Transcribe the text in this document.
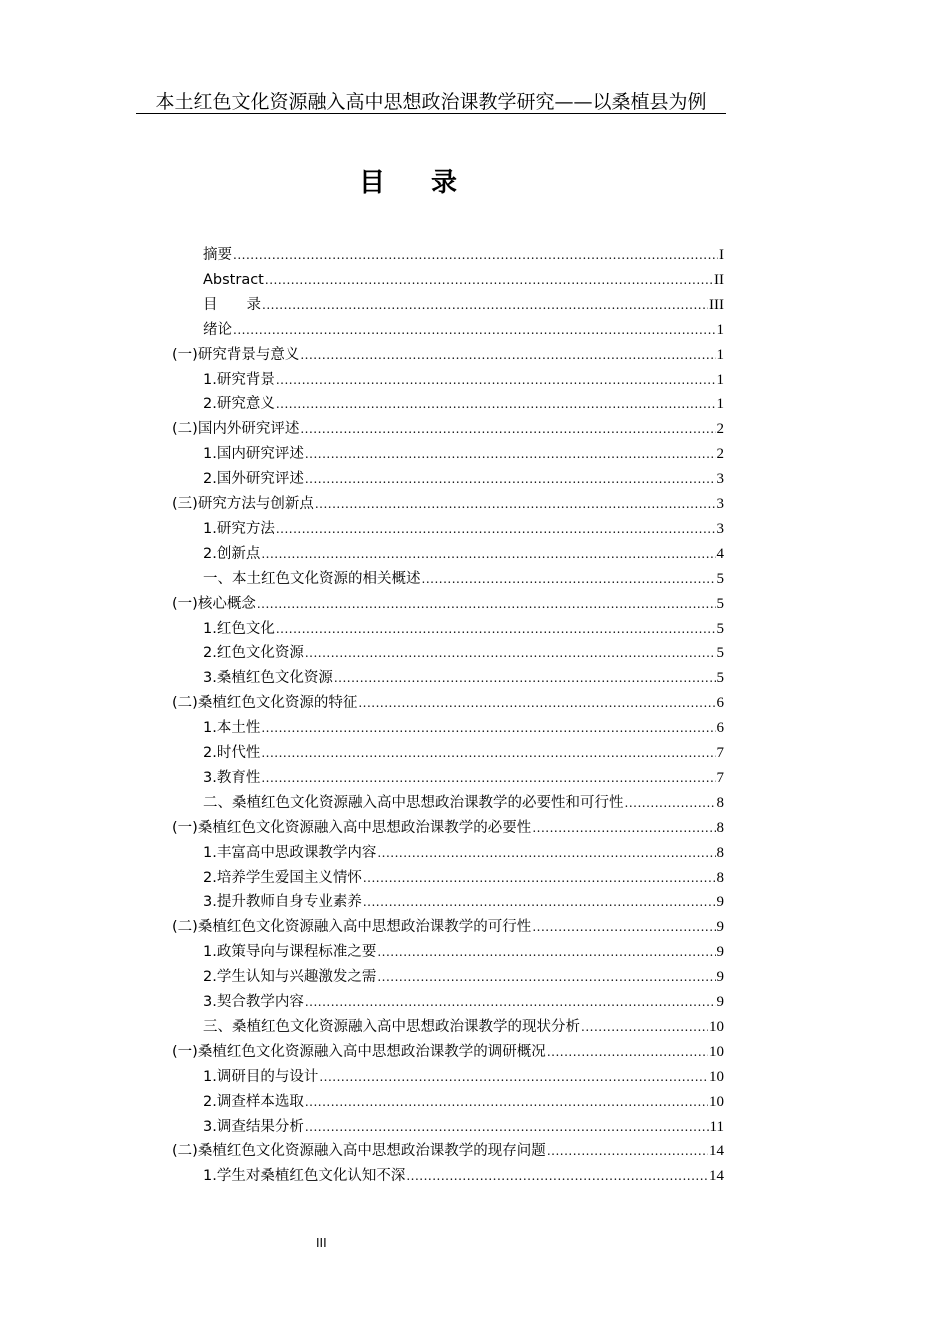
本土红色文化资源融入高中思想政治课教学研究——以桑植县为例
目录
摘要 .....	I
Abstract .....	II
目　　录 .....	III
绪论 .....	1
(一)研究背景与意义 .....	1
1.研究背景 .....	1
2.研究意义 .....	1
(二)国内外研究评述 .....	2
1.国内研究评述 .....	2
2.国外研究评述 .....	3
(三)研究方法与创新点 .....	3
1.研究方法 .....	3
2.创新点 .....	4
一、本土红色文化资源的相关概述 .....	5
(一)核心概念 .....	5
1.红色文化 .....	5
2.红色文化资源 .....	5
3.桑植红色文化资源 .....	5
(二)桑植红色文化资源的特征 .....	6
1.本土性 .....	6
2.时代性 .....	7
3.教育性 .....	7
二、桑植红色文化资源融入高中思想政治课教学的必要性和可行性 .....	8
(一)桑植红色文化资源融入高中思想政治课教学的必要性 .....	8
1.丰富高中思政课教学内容 .....	8
2.培养学生爱国主义情怀 .....	8
3.提升教师自身专业素养 .....	9
(二)桑植红色文化资源融入高中思想政治课教学的可行性 .....	9
1.政策导向与课程标准之要 .....	9
2.学生认知与兴趣激发之需 .....	9
3.契合教学内容 .....	9
三、桑植红色文化资源融入高中思想政治课教学的现状分析 .....	10
(一)桑植红色文化资源融入高中思想政治课教学的调研概况 .....	10
1.调研目的与设计 .....	10
2.调查样本选取 .....	10
3.调查结果分析 .....	11
(二)桑植红色文化资源融入高中思想政治课教学的现存问题 .....	14
1.学生对桑植红色文化认知不深 .....	14
III
